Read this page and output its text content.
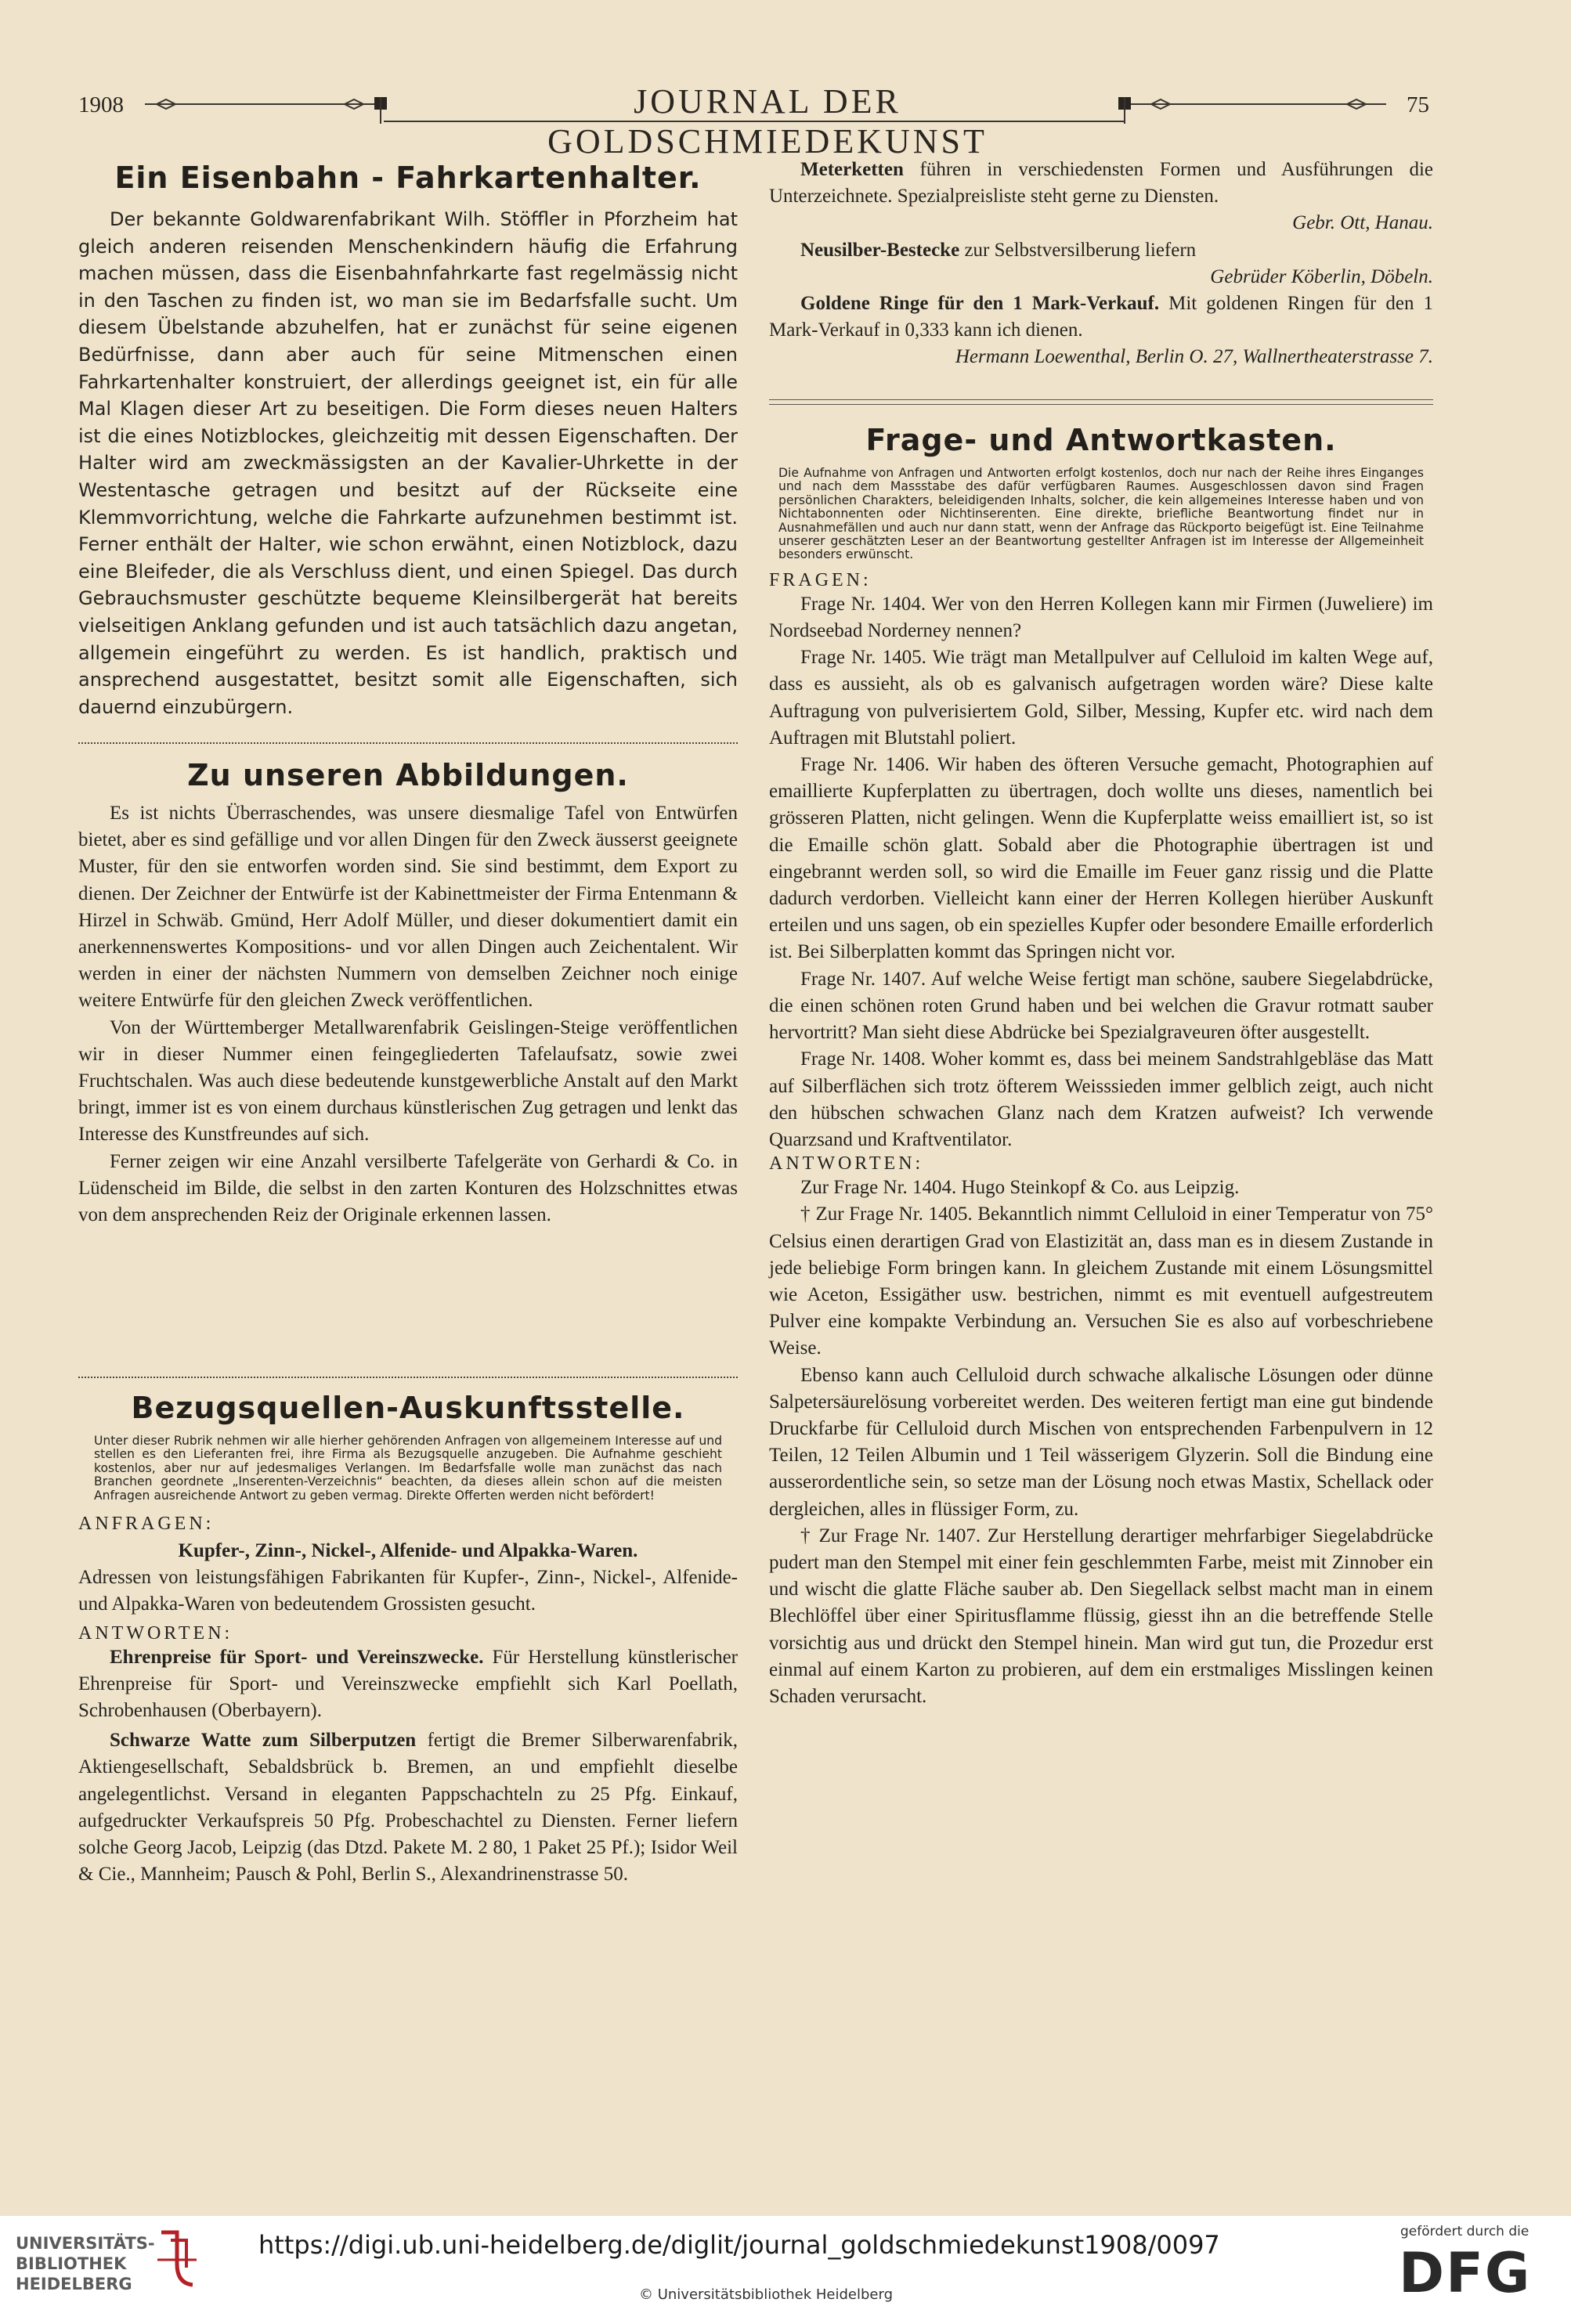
1908	JOURNAL DER GOLDSCHMIEDEKUNST
75
Ein Eisenbahn - Fahrkartenhalter.

Der bekannte Goldwarenfabrikant Wilh. Stöffler in Pforzheim hat gleich anderen reisenden Menschenkindern häufig die Erfahrung machen müssen, dass die Eisenbahnfahrkarte fast regelmässig nicht in den Taschen zu finden ist, wo man sie im Bedarfsfalle sucht. Um diesem Übelstande abzuhelfen, hat er zunächst für seine eigenen Bedürfnisse, dann aber auch für seine Mitmenschen einen Fahrkartenhalter konstruiert, der allerdings geeignet ist, ein für alle Mal Klagen dieser Art zu beseitigen. Die Form dieses neuen Halters ist die eines Notizblockes, gleichzeitig mit dessen Eigenschaften. Der Halter wird am zweckmässigsten an der Kavalier-Uhrkette in der Westentasche getragen und besitzt auf der Rückseite eine Klemmvorrichtung, welche die Fahrkarte aufzunehmen bestimmt ist. Ferner enthält der Halter, wie schon erwähnt, einen Notizblock, dazu eine Bleifeder, die als Verschluss dient, und einen Spiegel. Das durch Gebrauchsmuster geschützte bequeme Kleinsilbergerät hat bereits vielseitigen Anklang gefunden und ist auch tatsächlich dazu angetan, allgemein eingeführt zu werden. Es ist handlich, praktisch und ansprechend ausgestattet, besitzt somit alle Eigenschaften, sich dauernd einzubürgern.

Zu unseren Abbildungen.

Es ist nichts Überraschendes, was unsere diesmalige Tafel von Entwürfen bietet, aber es sind gefällige und vor allen Dingen für den Zweck äusserst geeignete Muster, für den sie entworfen worden sind. Sie sind bestimmt, dem Export zu dienen. Der Zeichner der Entwürfe ist der Kabinettmeister der Firma Entenmann & Hirzel in Schwäb. Gmünd, Herr Adolf Müller, und dieser dokumentiert damit ein anerkennenswertes Kompositions- und vor allen Dingen auch Zeichentalent. Wir werden in einer der nächsten Nummern von demselben Zeichner noch einige weitere Entwürfe für den gleichen Zweck veröffentlichen.

Von der Württemberger Metallwarenfabrik Geislingen-Steige veröffentlichen wir in dieser Nummer einen feingegliederten Tafelaufsatz, sowie zwei Fruchtschalen. Was auch diese bedeutende kunstgewerbliche Anstalt auf den Markt bringt, immer ist es von einem durchaus künstlerischen Zug getragen und lenkt das Interesse des Kunstfreundes auf sich.

Ferner zeigen wir eine Anzahl versilberte Tafelgeräte von Gerhardi & Co. in Lüdenscheid im Bilde, die selbst in den zarten Konturen des Holzschnittes etwas von dem ansprechenden Reiz der Originale erkennen lassen.

Bezugsquellen-Auskunftsstelle.

Unter dieser Rubrik nehmen wir alle hierher gehörenden Anfragen von allgemeinem Interesse auf und stellen es den Lieferanten frei, ihre Firma als Bezugsquelle anzugeben. Die Aufnahme geschieht kostenlos, aber nur auf jedesmaliges Verlangen. Im Bedarfsfalle wolle man zunächst das nach Branchen geordnete „Inserenten-Verzeichnis“ beachten, da dieses allein schon auf die meisten Anfragen ausreichende Antwort zu geben vermag. Direkte Offerten werden nicht befördert!

ANFRAGEN:

Kupfer-, Zinn-, Nickel-, Alfenide- und Alpakka-Waren.

Adressen von leistungsfähigen Fabrikanten für Kupfer-, Zinn-, Nickel-, Alfenide- und Alpakka-Waren von bedeutendem Grossisten gesucht.

ANTWORTEN:

Ehrenpreise für Sport- und Vereinszwecke. Für Herstellung künstlerischer Ehrenpreise für Sport- und Vereinszwecke empfiehlt sich Karl Poellath, Schrobenhausen (Oberbayern).

Schwarze Watte zum Silberputzen fertigt die Bremer Silberwarenfabrik, Aktiengesellschaft, Sebaldsbrück b. Bremen, an und empfiehlt dieselbe angelegentlichst. Versand in eleganten Pappschachteln zu 25 Pfg. Einkauf, aufgedruckter Verkaufspreis 50 Pfg. Probeschachtel zu Diensten. Ferner liefern solche Georg Jacob, Leipzig (das Dtzd. Pakete M. 2 80, 1 Paket 25 Pf.); Isidor Weil & Cie., Mannheim; Pausch & Pohl, Berlin S., Alexandrinenstrasse 50.

Meterketten führen in verschiedensten Formen und Ausführungen die Unterzeichnete. Spezialpreisliste steht gerne zu Diensten.

Gebr. Ott, Hanau.

Neusilber-Bestecke zur Selbstversilberung liefern

Gebrüder Köberlin, Döbeln.

Goldene Ringe für den 1 Mark-Verkauf. Mit goldenen Ringen für den 1 Mark-Verkauf in 0,333 kann ich dienen.

Hermann Loewenthal, Berlin O. 27, Wallnertheaterstrasse 7.

Frage- und Antwortkasten.

Die Aufnahme von Anfragen und Antworten erfolgt kostenlos, doch nur nach der Reihe ihres Einganges und nach dem Massstabe des dafür verfügbaren Raumes. Ausgeschlossen davon sind Fragen persönlichen Charakters, beleidigenden Inhalts, solcher, die kein allgemeines Interesse haben und von Nichtabonnenten oder Nichtinserenten. Eine direkte, briefliche Beantwortung findet nur in Ausnahmefällen und auch nur dann statt, wenn der Anfrage das Rückporto beigefügt ist. Eine Teilnahme unserer geschätzten Leser an der Beantwortung gestellter Anfragen ist im Interesse der Allgemeinheit besonders erwünscht.

FRAGEN:

Frage Nr. 1404. Wer von den Herren Kollegen kann mir Firmen (Juweliere) im Nordseebad Norderney nennen?

Frage Nr. 1405. Wie trägt man Metallpulver auf Celluloid im kalten Wege auf, dass es aussieht, als ob es galvanisch aufgetragen worden wäre? Diese kalte Auftragung von pulverisiertem Gold, Silber, Messing, Kupfer etc. wird nach dem Auftragen mit Blutstahl poliert.

Frage Nr. 1406. Wir haben des öfteren Versuche gemacht, Photographien auf emaillierte Kupferplatten zu übertragen, doch wollte uns dieses, namentlich bei grösseren Platten, nicht gelingen. Wenn die Kupferplatte weiss emailliert ist, so ist die Emaille schön glatt. Sobald aber die Photographie übertragen ist und eingebrannt werden soll, so wird die Emaille im Feuer ganz rissig und die Platte dadurch verdorben. Vielleicht kann einer der Herren Kollegen hierüber Auskunft erteilen und uns sagen, ob ein spezielles Kupfer oder besondere Emaille erforderlich ist. Bei Silberplatten kommt das Springen nicht vor.

Frage Nr. 1407. Auf welche Weise fertigt man schöne, saubere Siegelabdrücke, die einen schönen roten Grund haben und bei welchen die Gravur rotmatt sauber hervortritt? Man sieht diese Abdrücke bei Spezialgraveuren öfter ausgestellt.

Frage Nr. 1408. Woher kommt es, dass bei meinem Sandstrahlgebläse das Matt auf Silberflächen sich trotz öfterem Weisssieden immer gelblich zeigt, auch nicht den hübschen schwachen Glanz nach dem Kratzen aufweist? Ich verwende Quarzsand und Kraftventilator.

ANTWORTEN:

Zur Frage Nr. 1404. Hugo Steinkopf & Co. aus Leipzig.

† Zur Frage Nr. 1405. Bekanntlich nimmt Celluloid in einer Temperatur von 75° Celsius einen derartigen Grad von Elastizität an, dass man es in diesem Zustande in jede beliebige Form bringen kann. In gleichem Zustande mit einem Lösungsmittel wie Aceton, Essigäther usw. bestrichen, nimmt es mit eventuell aufgestreutem Pulver eine kompakte Verbindung an. Versuchen Sie es also auf vorbeschriebene Weise.

Ebenso kann auch Celluloid durch schwache alkalische Lösungen oder dünne Salpetersäurelösung vorbereitet werden. Des weiteren fertigt man eine gut bindende Druckfarbe für Celluloid durch Mischen von entsprechenden Farbenpulvern in 12 Teilen, 12 Teilen Albumin und 1 Teil wässerigem Glyzerin. Soll die Bindung eine ausserordentliche sein, so setze man der Lösung noch etwas Mastix, Schellack oder dergleichen, alles in flüssiger Form, zu.

† Zur Frage Nr. 1407. Zur Herstellung derartiger mehrfarbiger Siegelabdrücke pudert man den Stempel mit einer fein geschlemmten Farbe, meist mit Zinnober ein und wischt die glatte Fläche sauber ab. Den Siegellack selbst macht man in einem Blechlöffel über einer Spiritusflamme flüssig, giesst ihn an die betreffende Stelle vorsichtig aus und drückt den Stempel hinein. Man wird gut tun, die Prozedur erst einmal auf einem Karton zu probieren, auf dem ein erstmaliges Misslingen keinen Schaden verursacht.

UNIVERSITÄTS-
BIBLIOTHEK
HEIDELBERG
https://digi.ub.uni-heidelberg.de/diglit/journal_goldschmiedekunst1908/0097
© Universitätsbibliothek Heidelberg
gefördert durch die
DFG
